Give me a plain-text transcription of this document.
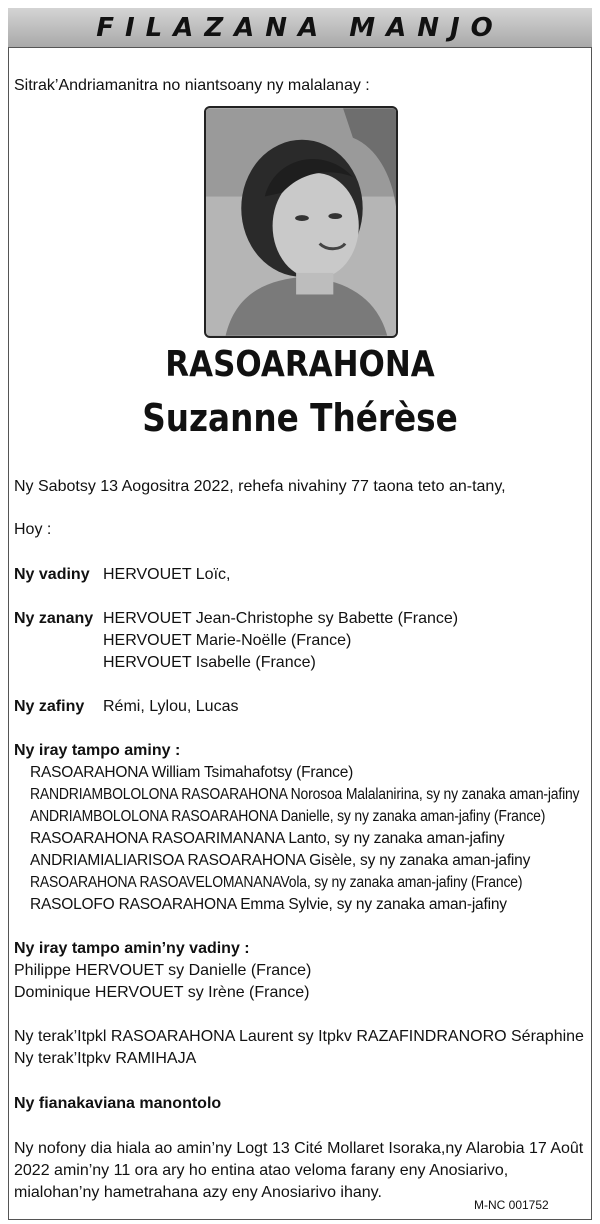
FILAZANA MANJO
Sitrak’Andriamanitra no niantsoany ny malalanay :
RASOARAHONA
Suzanne Thérèse
Ny Sabotsy 13 Aogositra 2022, rehefa nivahiny 77 taona teto an-tany,
Hoy :
Ny vadiny HERVOUET Loïc,
Ny zanany HERVOUET Jean-Christophe sy Babette (France)
HERVOUET Marie-Noëlle (France)
HERVOUET Isabelle (France)
Ny zafiny Rémi, Lylou, Lucas
Ny iray tampo aminy :
RASOARAHONA William Tsimahafotsy (France)
RANDRIAMBOLOLONA RASOARAHONA Norosoa Malalanirina, sy ny zanaka aman-jafiny
ANDRIAMBOLOLONA RASOARAHONA Danielle, sy ny zanaka aman-jafiny (France)
RASOARAHONA RASOARIMANANA Lanto, sy ny zanaka aman-jafiny
ANDRIAMIALIARISOA RASOARAHONA Gisèle, sy ny zanaka aman-jafiny
RASOARAHONA RASOAVELOMANANAVola, sy ny zanaka aman-jafiny (France)
RASOLOFO RASOARAHONA Emma Sylvie, sy ny zanaka aman-jafiny
Ny iray tampo amin’ny vadiny :
Philippe HERVOUET sy Danielle (France)
Dominique HERVOUET sy Irène (France)
Ny terak’Itpkl RASOARAHONA Laurent sy Itpkv RAZAFINDRANORO Séraphine
Ny terak’Itpkv RAMIHAJA
Ny fianakaviana manontolo
Ny nofony dia hiala ao amin’ny Logt 13 Cité Mollaret Isoraka,ny Alarobia 17 Août 2022 amin’ny 11 ora ary ho entina atao veloma farany eny Anosiarivo, mialohan’ny hametrahana azy eny Anosiarivo ihany.
M-NC 001752
